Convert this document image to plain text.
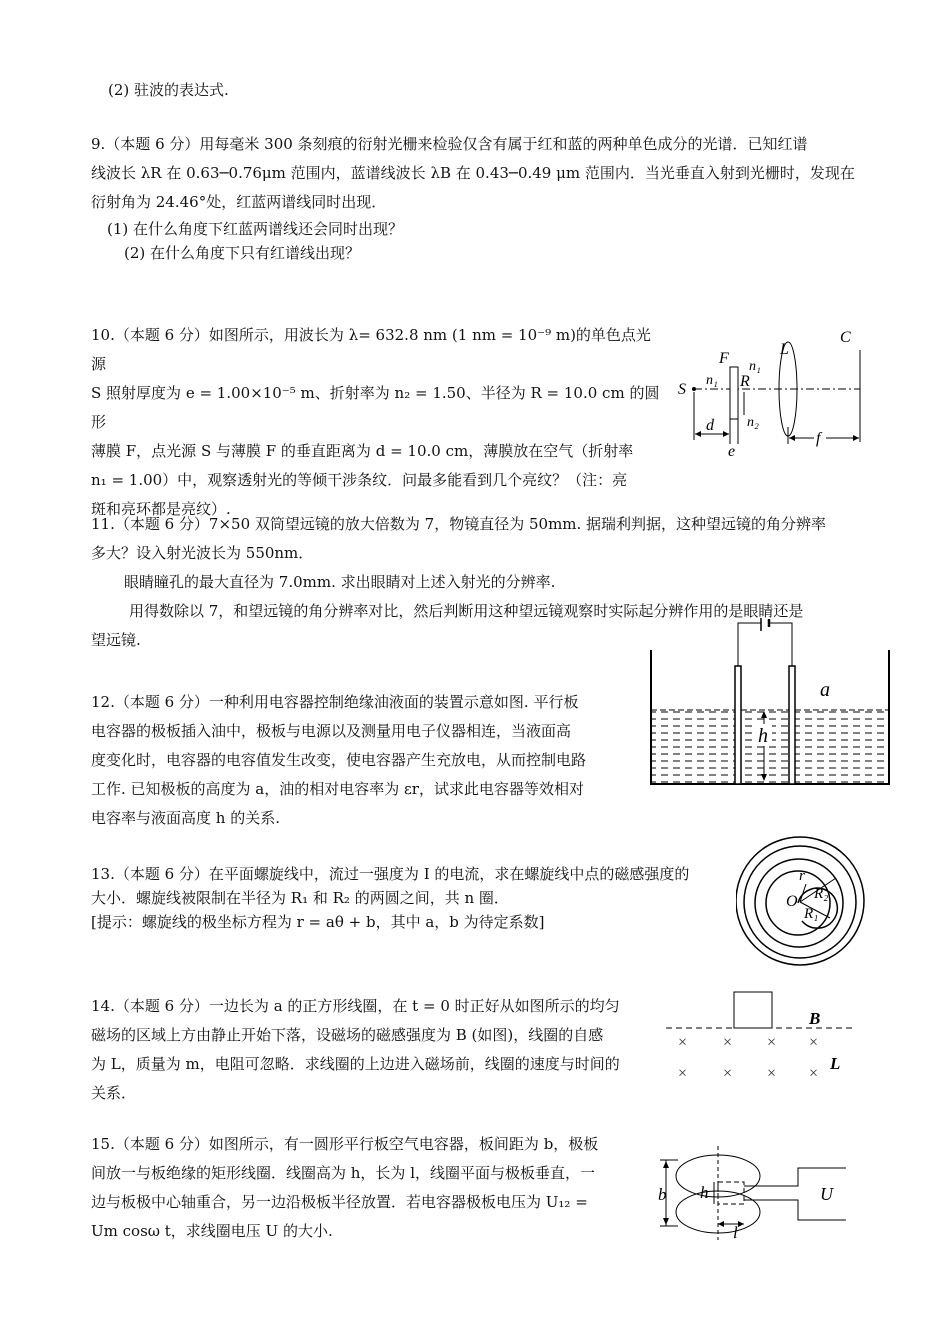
(2) 驻波的表达式.

9.（本题 6 分）用每毫米 300 条刻痕的衍射光栅来检验仅含有属于红和蓝的两种单色成分的光谱．已知红谱

线波长 λR 在 0.63─0.76μm 范围内，蓝谱线波长 λB 在 0.43─0.49 μm 范围内．当光垂直入射到光栅时，发现在

衍射角为 24.46°处，红蓝两谱线同时出现．

(1) 在什么角度下红蓝两谱线还会同时出现？

(2) 在什么角度下只有红谱线出现？

10.（本题 6 分）如图所示，用波长为 λ= 632.8 nm (1 nm = 10⁻⁹ m)的单色点光源

S 照射厚度为 e = 1.00×10⁻⁵ m、折射率为 n₂ = 1.50、半径为 R = 10.0 cm 的圆形

薄膜 F，点光源 S 与薄膜 F 的垂直距离为 d = 10.0 cm，薄膜放在空气（折射率

n₁ = 1.00）中，观察透射光的等倾干涉条纹．问最多能看到几个亮纹？（注：亮

斑和亮环都是亮纹）.

S
F
n₁ R
n₁
n₂
L
C
d
e
f

11.（本题 6 分）7×50 双筒望远镜的放大倍数为 7，物镜直径为 50mm. 据瑞利判据，这种望远镜的角分辨率

多大？设入射光波长为 550nm．

眼睛瞳孔的最大直径为 7.0mm. 求出眼睛对上述入射光的分辨率.

用得数除以 7，和望远镜的角分辨率对比，然后判断用这种望远镜观察时实际起分辨作用的是眼睛还是

望远镜.

12.（本题 6 分）一种利用电容器控制绝缘油液面的装置示意如图. 平行板

电容器的极板插入油中，极板与电源以及测量用电子仪器相连，当液面高

度变化时，电容器的电容值发生改变，使电容器产生充放电，从而控制电路

工作. 已知极板的高度为 a，油的相对电容率为 εr，试求此电容器等效相对

电容率与液面高度 h 的关系.

h
a

13.（本题 6 分）在平面螺旋线中，流过一强度为 I 的电流，求在螺旋线中点的磁感强度的

大小．螺旋线被限制在半径为 R₁ 和 R₂ 的两圆之间，共 n 圈．

[提示：螺旋线的极坐标方程为 r = aθ + b，其中 a，b 为待定系数]

r
O R₂
R₁

14.（本题 6 分）一边长为 a 的正方形线圈，在 t = 0 时正好从如图所示的均匀

磁场的区域上方由静止开始下落，设磁场的磁感强度为 B (如图)，线圈的自感

为 L，质量为 m，电阻可忽略．求线圈的上边进入磁场前，线圈的速度与时间的

关系．

× × × ×
× × × ×
B
L

15.（本题 6 分）如图所示，有一圆形平行板空气电容器，板间距为 b，极板

间放一与板绝缘的矩形线圈．线圈高为 h，长为 l，线圈平面与极板垂直，一

边与板极中心轴重合，另一边沿极板半径放置．若电容器极板电压为 U₁₂ =

Um cosω t，求线圈电压 U 的大小.

U
b h
l
